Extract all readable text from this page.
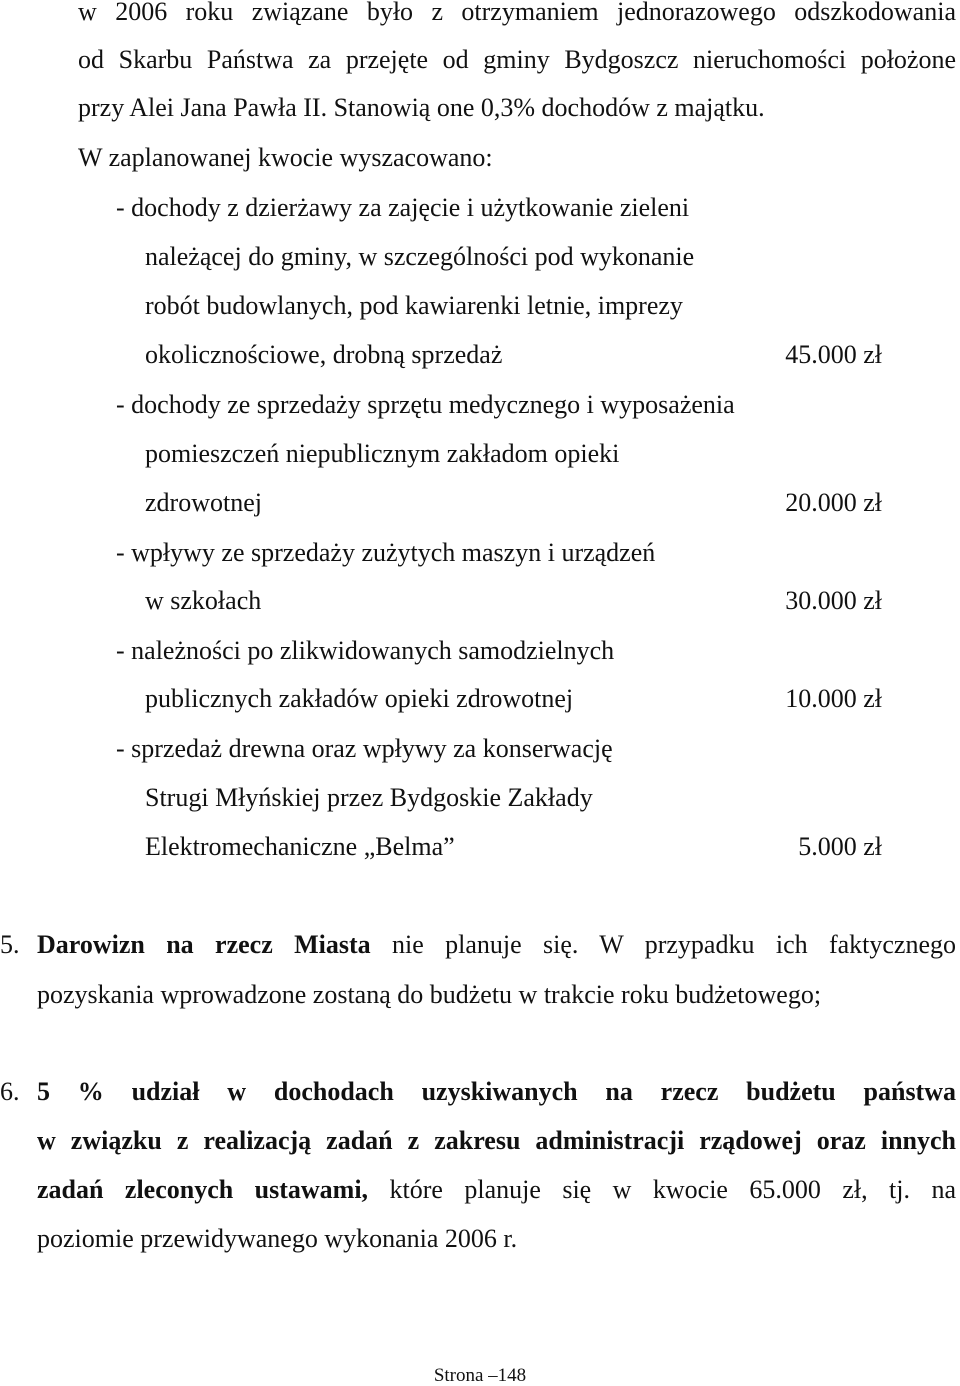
w 2006 roku związane było z otrzymaniem jednorazowego odszkodowania
od Skarbu Państwa za przejęte od gminy Bydgoszcz nieruchomości położone
przy Alei Jana Pawła II. Stanowią one 0,3% dochodów z majątku.
W zaplanowanej kwocie wyszacowano:
- dochody z dzierżawy za zajęcie i użytkowanie zieleni
należącej do gminy, w szczególności pod wykonanie
robót budowlanych, pod kawiarenki letnie, imprezy
okolicznościowe, drobną sprzedaż	45.000 zł
- dochody ze sprzedaży sprzętu medycznego i wyposażenia
pomieszczeń niepublicznym zakładom opieki
zdrowotnej	20.000 zł
- wpływy ze sprzedaży zużytych maszyn i urządzeń
w szkołach	30.000 zł
- należności po zlikwidowanych samodzielnych
publicznych zakładów opieki zdrowotnej	10.000 zł
- sprzedaż drewna oraz wpływy za konserwację
Strugi Młyńskiej przez Bydgoskie Zakłady
Elektromechaniczne „Belma”	5.000 zł
5. Darowizn na rzecz Miasta nie planuje się. W przypadku ich faktycznego
pozyskania wprowadzone zostaną do budżetu w trakcie roku budżetowego;
6. 5 % udział w dochodach uzyskiwanych na rzecz budżetu państwa
w związku z realizacją zadań z zakresu administracji rządowej oraz innych
zadań zleconych ustawami, które planuje się w kwocie 65.000 zł, tj. na
poziomie przewidywanego wykonania 2006 r.
Strona –148
